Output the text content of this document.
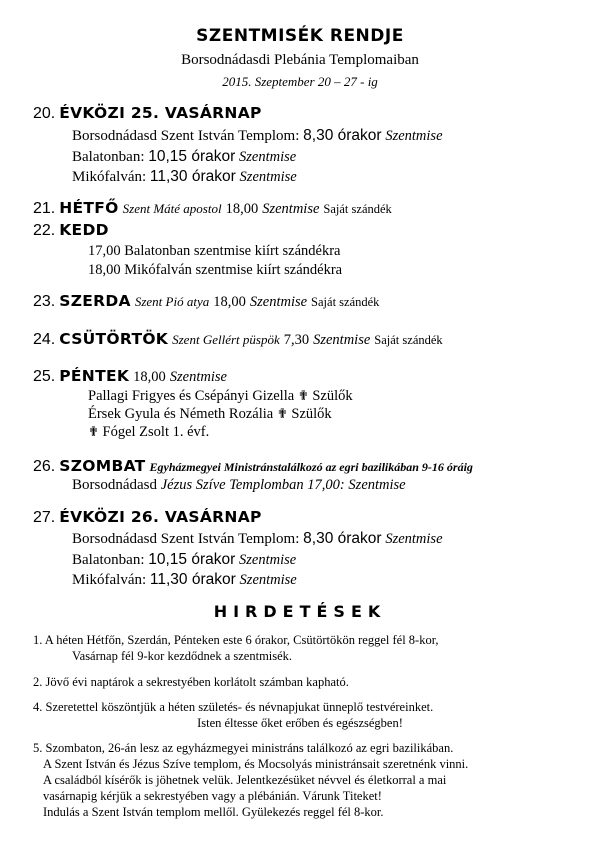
SZENTMISÉK RENDJE
Borsodnádasdi Plebánia Templomaiban
2015. Szeptember 20 – 27 - ig
20. ÉVKÖZI 25. VASÁRNAP
Borsodnádasd Szent István Templom: 8,30 órakor Szentmise
Balatonban: 10,15 órakor Szentmise
Mikófalván: 11,30 órakor Szentmise
21. HÉTFŐ Szent Máté apostol 18,00 Szentmise Saját szándék
22. KEDD
17,00 Balatonban szentmise kiírt szándékra
18,00 Mikófalván szentmise kiírt szándékra
23. SZERDA Szent Pió atya 18,00 Szentmise Saját szándék
24. CSÜTÖRTÖK Szent Gellért püspök 7,30 Szentmise Saját szándék
25. PÉNTEK 18,00 Szentmise
Pallagi Frigyes és Csépányi Gizella ✟ Szülők
Érsek Gyula és Németh Rozália ✟ Szülők
✟ Fógel Zsolt 1. évf.
26. SZOMBAT Egyházmegyei Ministránstalálkozó az egri bazilikában 9-16 óráig
Borsodnádasd Jézus Szíve Templomban 17,00: Szentmise
27. ÉVKÖZI 26. VASÁRNAP
Borsodnádasd Szent István Templom: 8,30 órakor Szentmise
Balatonban: 10,15 órakor Szentmise
Mikófalván: 11,30 órakor Szentmise
HIRDETÉSEK
1. A héten Hétfőn, Szerdán, Pénteken este 6 órakor, Csütörtökön reggel fél 8-kor,
Vasárnap fél 9-kor kezdődnek a szentmisék.
2. Jövő évi naptárok a sekrestyében korlátolt számban kapható.
4. Szeretettel köszöntjük a héten születés- és névnapjukat ünneplő testvéreinket.
Isten éltesse őket erőben és egészségben!
5. Szombaton, 26-án lesz az egyházmegyei ministráns találkozó az egri bazilikában.
A Szent István és Jézus Szíve templom, és Mocsolyás ministránsait szeretnénk vinni.
A családból kísérők is jöhetnek velük. Jelentkezésüket névvel és életkorral a mai
vasárnapig kérjük a sekrestyében vagy a plébánián. Várunk Titeket!
Indulás a Szent István templom mellől. Gyülekezés reggel fél 8-kor.
